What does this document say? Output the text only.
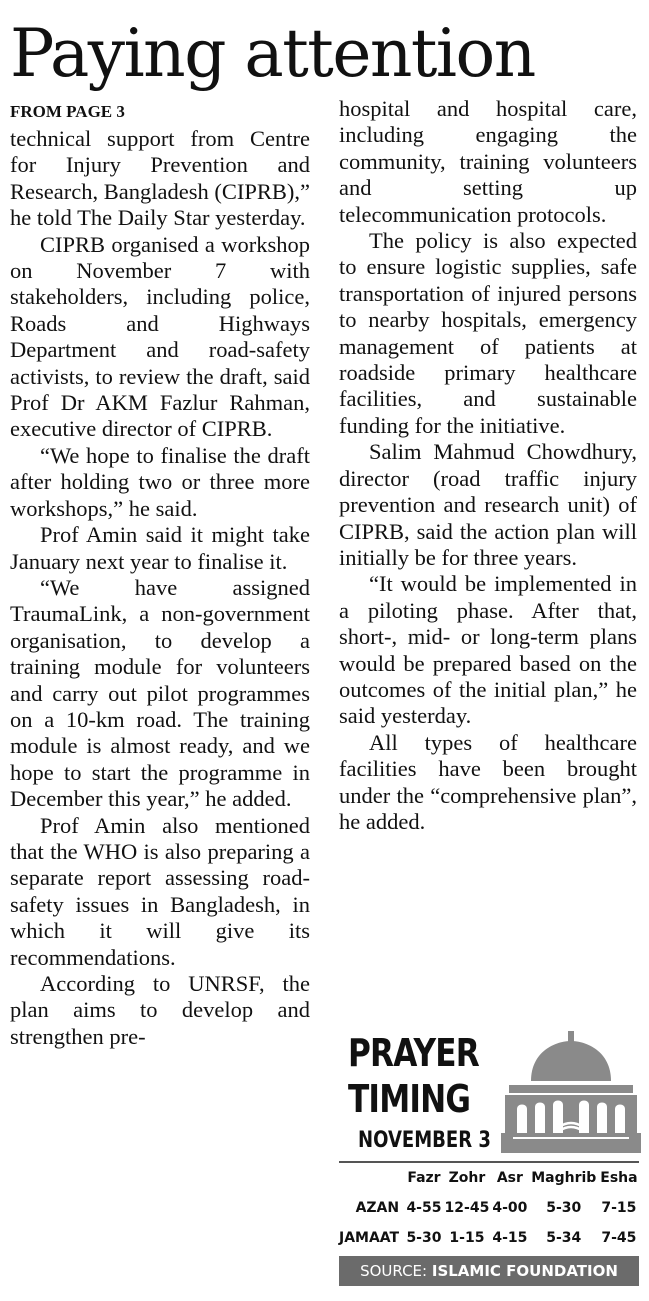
Paying attention
FROM PAGE 3

technical support from Centre for Injury Prevention and Research, Bangladesh (CIPRB),” he told The Daily Star yesterday.

CIPRB organised a workshop on November 7 with stakeholders, including police, Roads and Highways Department and road-safety activists, to review the draft, said Prof Dr AKM Fazlur Rahman, executive director of CIPRB.

“We hope to finalise the draft after holding two or three more workshops,” he said.

Prof Amin said it might take January next year to finalise it.

“We have assigned TraumaLink, a non-government organisation, to develop a training module for volunteers and carry out pilot programmes on a 10-km road. The training module is almost ready, and we hope to start the programme in December this year,” he added.

Prof Amin also mentioned that the WHO is also preparing a separate report assessing road-safety issues in Bangladesh, in which it will give its recommendations.

According to UNRSF, the plan aims to develop and strengthen pre-

hospital and hospital care, including engaging the community, training volunteers and setting up telecommunication protocols.

The policy is also expected to ensure logistic supplies, safe transportation of injured persons to nearby hospitals, emergency management of patients at roadside primary healthcare facilities, and sustainable funding for the initiative.

Salim Mahmud Chowdhury, director (road traffic injury prevention and research unit) of CIPRB, said the action plan will initially be for three years.

“It would be implemented in a piloting phase. After that, short-, mid- or long-term plans would be prepared based on the outcomes of the initial plan,” he said yesterday.

All types of healthcare facilities have been brought under the “comprehensive plan”, he added.

PRAYER
TIMING
NOVEMBER 3
	Fazr	Zohr	Asr	Maghrib	Esha
AZAN	4-55	12-45	4-00	5-30	7-15
JAMAAT	5-30	1-15	4-15	5-34	7-45
SOURCE: ISLAMIC FOUNDATION
